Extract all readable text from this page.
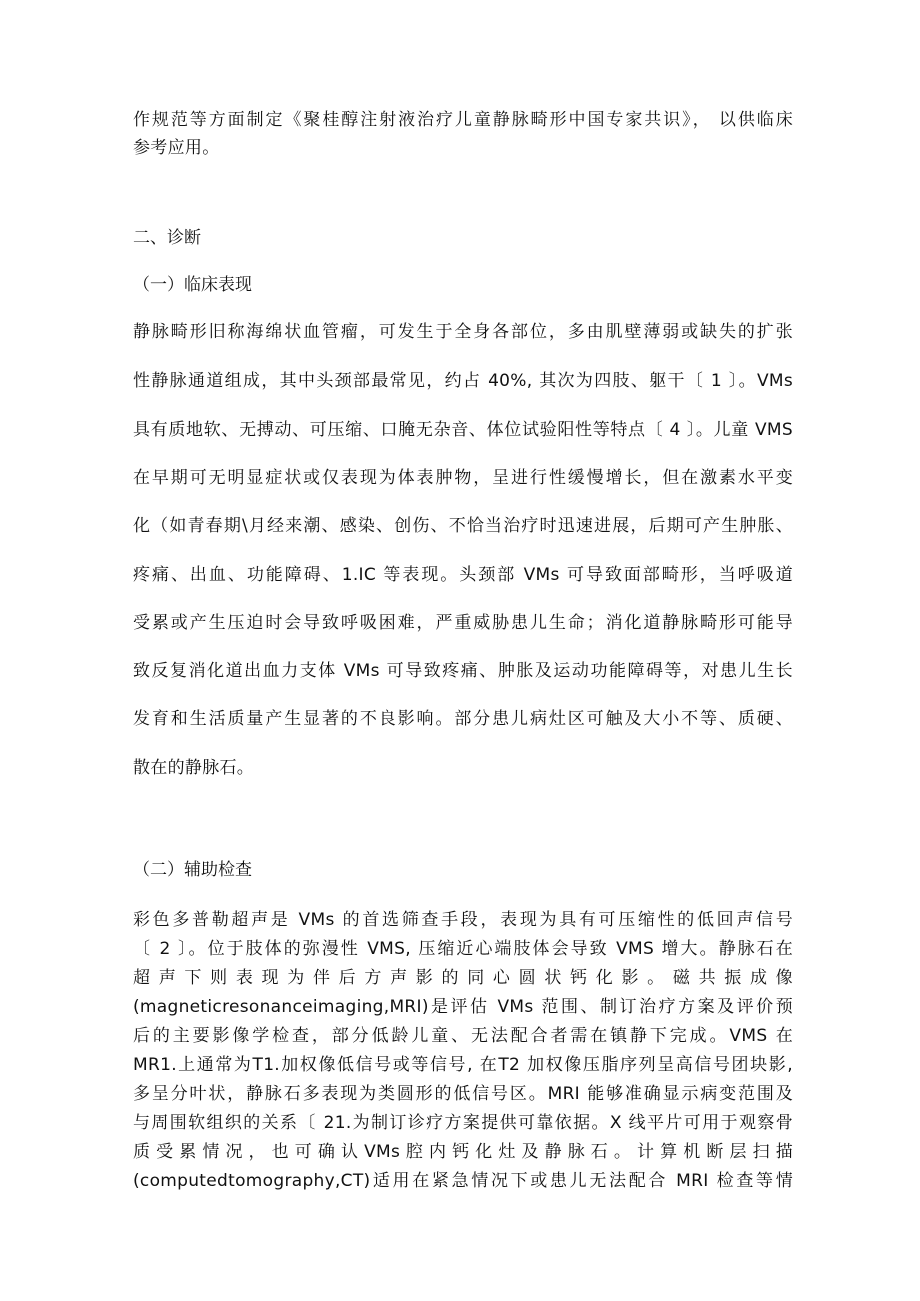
作规范等方面制定《聚桂醇注射液治疗儿童静脉畸形中国专家共识》， 以供临床
参考应用。
二、诊断
（一）临床表现
静脉畸形旧称海绵状血管瘤，可发生于全身各部位，多由肌壁薄弱或缺失的扩张
性静脉通道组成，其中头颈部最常见，约占 40%, 其次为四肢、躯干〔 1 〕。VMs
具有质地软、无搏动、可压缩、口腌无杂音、体位试验阳性等特点〔 4 〕。儿童 VMS
在早期可无明显症状或仅表现为体表肿物，呈进行性缓慢增长，但在激素水平变
化（如青春期\月经来潮、感染、创伤、不恰当治疗时迅速进展，后期可产生肿胀、
疼痛、出血、功能障碍、1.IC 等表现。头颈部 VMs 可导致面部畸形，当呼吸道
受累或产生压迫时会导致呼吸困难，严重威胁患儿生命；消化道静脉畸形可能导
致反复消化道出血力支体 VMs 可导致疼痛、肿胀及运动功能障碍等，对患儿生长
发育和生活质量产生显著的不良影响。部分患儿病灶区可触及大小不等、质硬、
散在的静脉石。
（二）辅助检查
彩色多普勒超声是 VMs 的首选筛查手段，表现为具有可压缩性的低回声信号
〔 2 〕。位于肢体的弥漫性 VMS, 压缩近心端肢体会导致 VMS 增大。静脉石在
超 声 下 则 表 现 为 伴 后 方 声 影 的 同 心 圆 状 钙 化 影 。 磁 共 振 成 像
(magneticresonanceimaging,MRI)是评估 VMs 范围、制订治疗方案及评价预
后的主要影像学检查，部分低龄儿童、无法配合者需在镇静下完成。VMS 在
MR1.上通常为T1.加权像低信号或等信号, 在T2 加权像压脂序列呈高信号团块影,
多呈分叶状，静脉石多表现为类圆形的低信号区。MRI 能够准确显示病变范围及
与周围软组织的关系〔 21.为制订诊疗方案提供可靠依据。X 线平片可用于观察骨
质 受 累 情 况 ， 也 可 确 认 VMs 腔 内 钙 化 灶 及 静 脉 石 。 计 算 机 断 层 扫 描
(computedtomography,CT)适用在紧急情况下或患儿无法配合 MRI 检查等情
